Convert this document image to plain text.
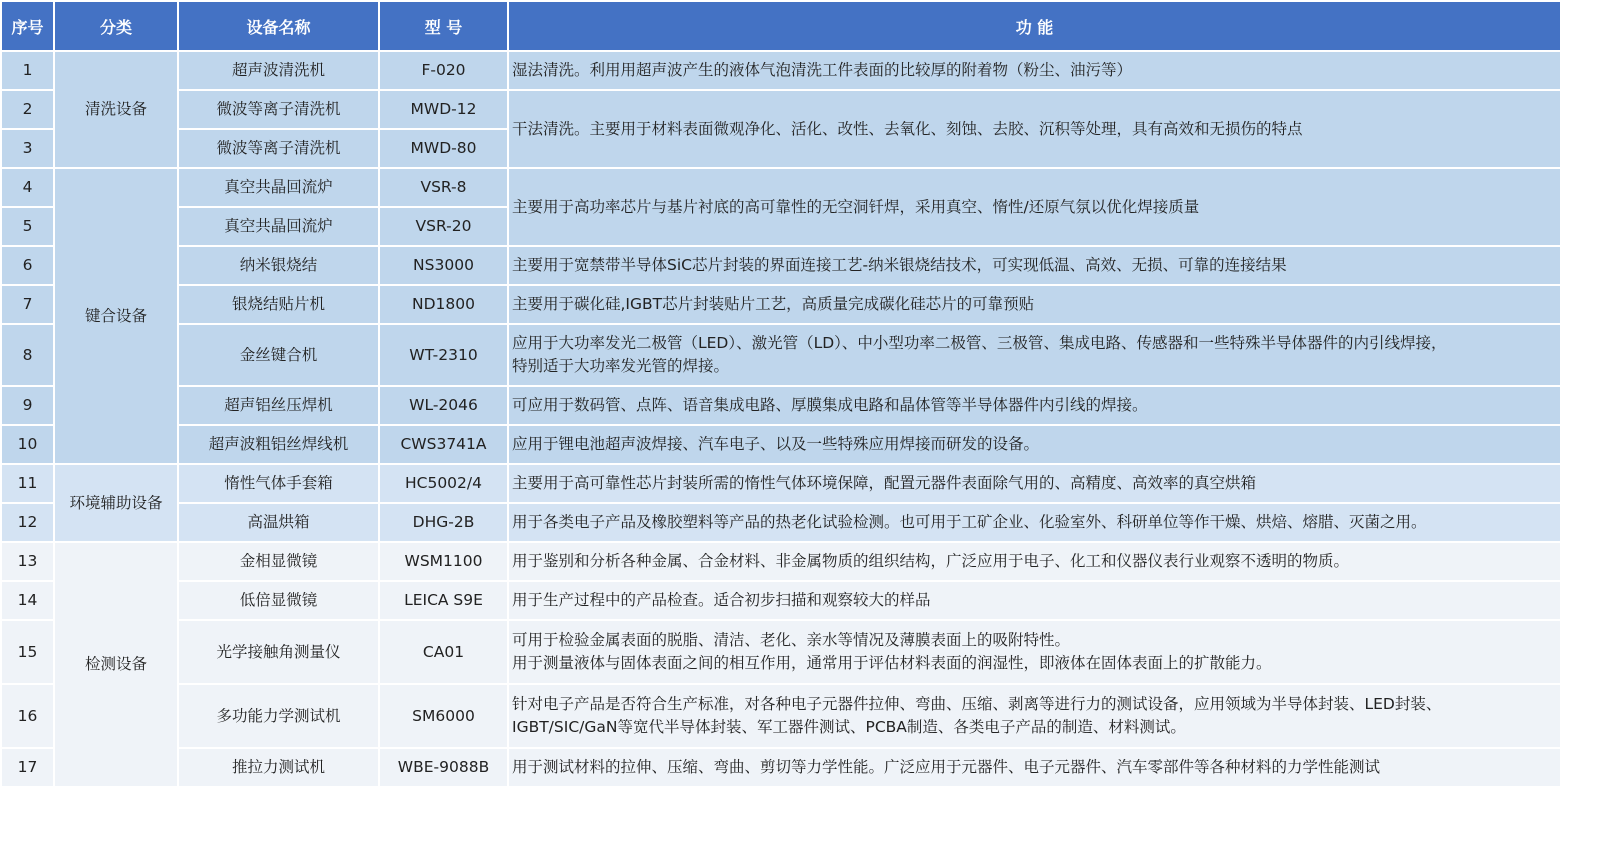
序号	分类	设备名称	型 号	功 能
1	清洗设备	超声波清洗机	F-020	湿法清洗。利用用超声波产生的液体气泡清洗工件表面的比较厚的附着物（粉尘、油污等）
2		微波等离子清洗机	MWD-12	干法清洗。主要用于材料表面微观净化、活化、改性、去氧化、刻蚀、去胶、沉积等处理，具有高效和无损伤的特点
3		微波等离子清洗机	MWD-80	
4	键合设备	真空共晶回流炉	VSR-8	主要用于高功率芯片与基片衬底的高可靠性的无空洞钎焊，采用真空、惰性/还原气氛以优化焊接质量
5		真空共晶回流炉	VSR-20	
6		纳米银烧结	NS3000	主要用于宽禁带半导体SiC芯片封装的界面连接工艺-纳米银烧结技术，可实现低温、高效、无损、可靠的连接结果
7		银烧结贴片机	ND1800	主要用于碳化硅,IGBT芯片封装贴片工艺，高质量完成碳化硅芯片的可靠预贴
8		金丝键合机	WT-2310	应用于大功率发光二极管（LED）、激光管（LD）、中小型功率二极管、三极管、集成电路、传感器和一些特殊半导体器件的内引线焊接，
特别适于大功率发光管的焊接。
9		超声铝丝压焊机	WL-2046	可应用于数码管、点阵、语音集成电路、厚膜集成电路和晶体管等半导体器件内引线的焊接。
10		超声波粗铝丝焊线机	CWS3741A	应用于锂电池超声波焊接、汽车电子、以及一些特殊应用焊接而研发的设备。
11	环境辅助设备	惰性气体手套箱	HC5002/4	主要用于高可靠性芯片封装所需的惰性气体环境保障，配置元器件表面除气用的、高精度、高效率的真空烘箱
12		高温烘箱	DHG-2B	用于各类电子产品及橡胶塑料等产品的热老化试验检测。也可用于工矿企业、化验室外、科研单位等作干燥、烘焙、熔腊、灭菌之用。
13	检测设备	金相显微镜	WSM1100	用于鉴别和分析各种金属、合金材料、非金属物质的组织结构，广泛应用于电子、化工和仪器仪表行业观察不透明的物质。
14		低倍显微镜	LEICA S9E	用于生产过程中的产品检查。适合初步扫描和观察较大的样品
15		光学接触角测量仪	CA01	可用于检验金属表面的脱脂、清洁、老化、亲水等情况及薄膜表面上的吸附特性。
用于测量液体与固体表面之间的相互作用，通常用于评估材料表面的润湿性，即液体在固体表面上的扩散能力。
16		多功能力学测试机	SM6000	针对电子产品是否符合生产标准，对各种电子元器件拉伸、弯曲、压缩、剥离等进行力的测试设备，应用领域为半导体封装、LED封装、
IGBT/SIC/GaN等宽代半导体封装、军工器件测试、PCBA制造、各类电子产品的制造、材料测试。
17		推拉力测试机	WBE-9088B	用于测试材料的拉伸、压缩、弯曲、剪切等力学性能。广泛应用于元器件、电子元器件、汽车零部件等各种材料的力学性能测试
